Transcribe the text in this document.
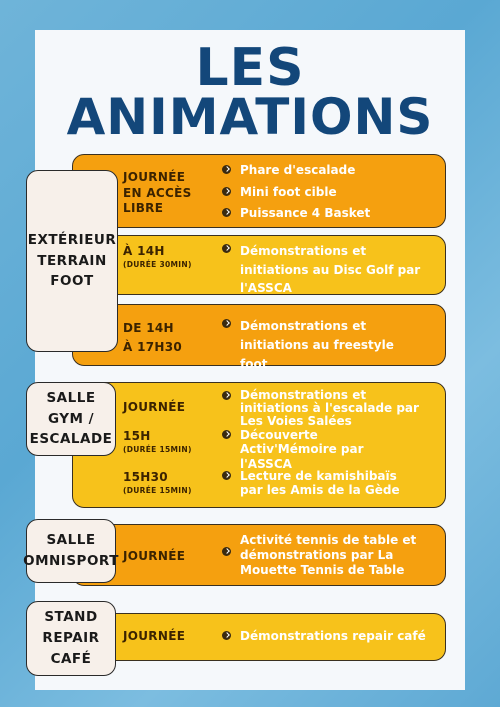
LES
ANIMATIONS
EXTÉRIEUR
TERRAIN
FOOT
SALLE
GYM /
ESCALADE
SALLE
OMNISPORT
STAND
REPAIR
CAFÉ
JOURNÉE
EN ACCÈS
LIBRE
À 14H
(DURÉE 30MIN)
DE 14H
À 17H30
Phare d'escalade
Mini foot cible
Puissance 4 Basket
Démonstrations et initiations au Disc Golf par l'ASSCA
Démonstrations et initiations au freestyle foot
JOURNÉE
15H
(DURÉE 15MIN)
15H30
(DURÉE 15MIN)
Démonstrations et initiations à l'escalade par Les Voies Salées
Découverte Activ'Mémoire par l'ASSCA
Lecture de kamishibaïs par les Amis de la Gède
JOURNÉE
Activité tennis de table et démonstrations par La Mouette Tennis de Table
JOURNÉE	Démonstrations repair café
